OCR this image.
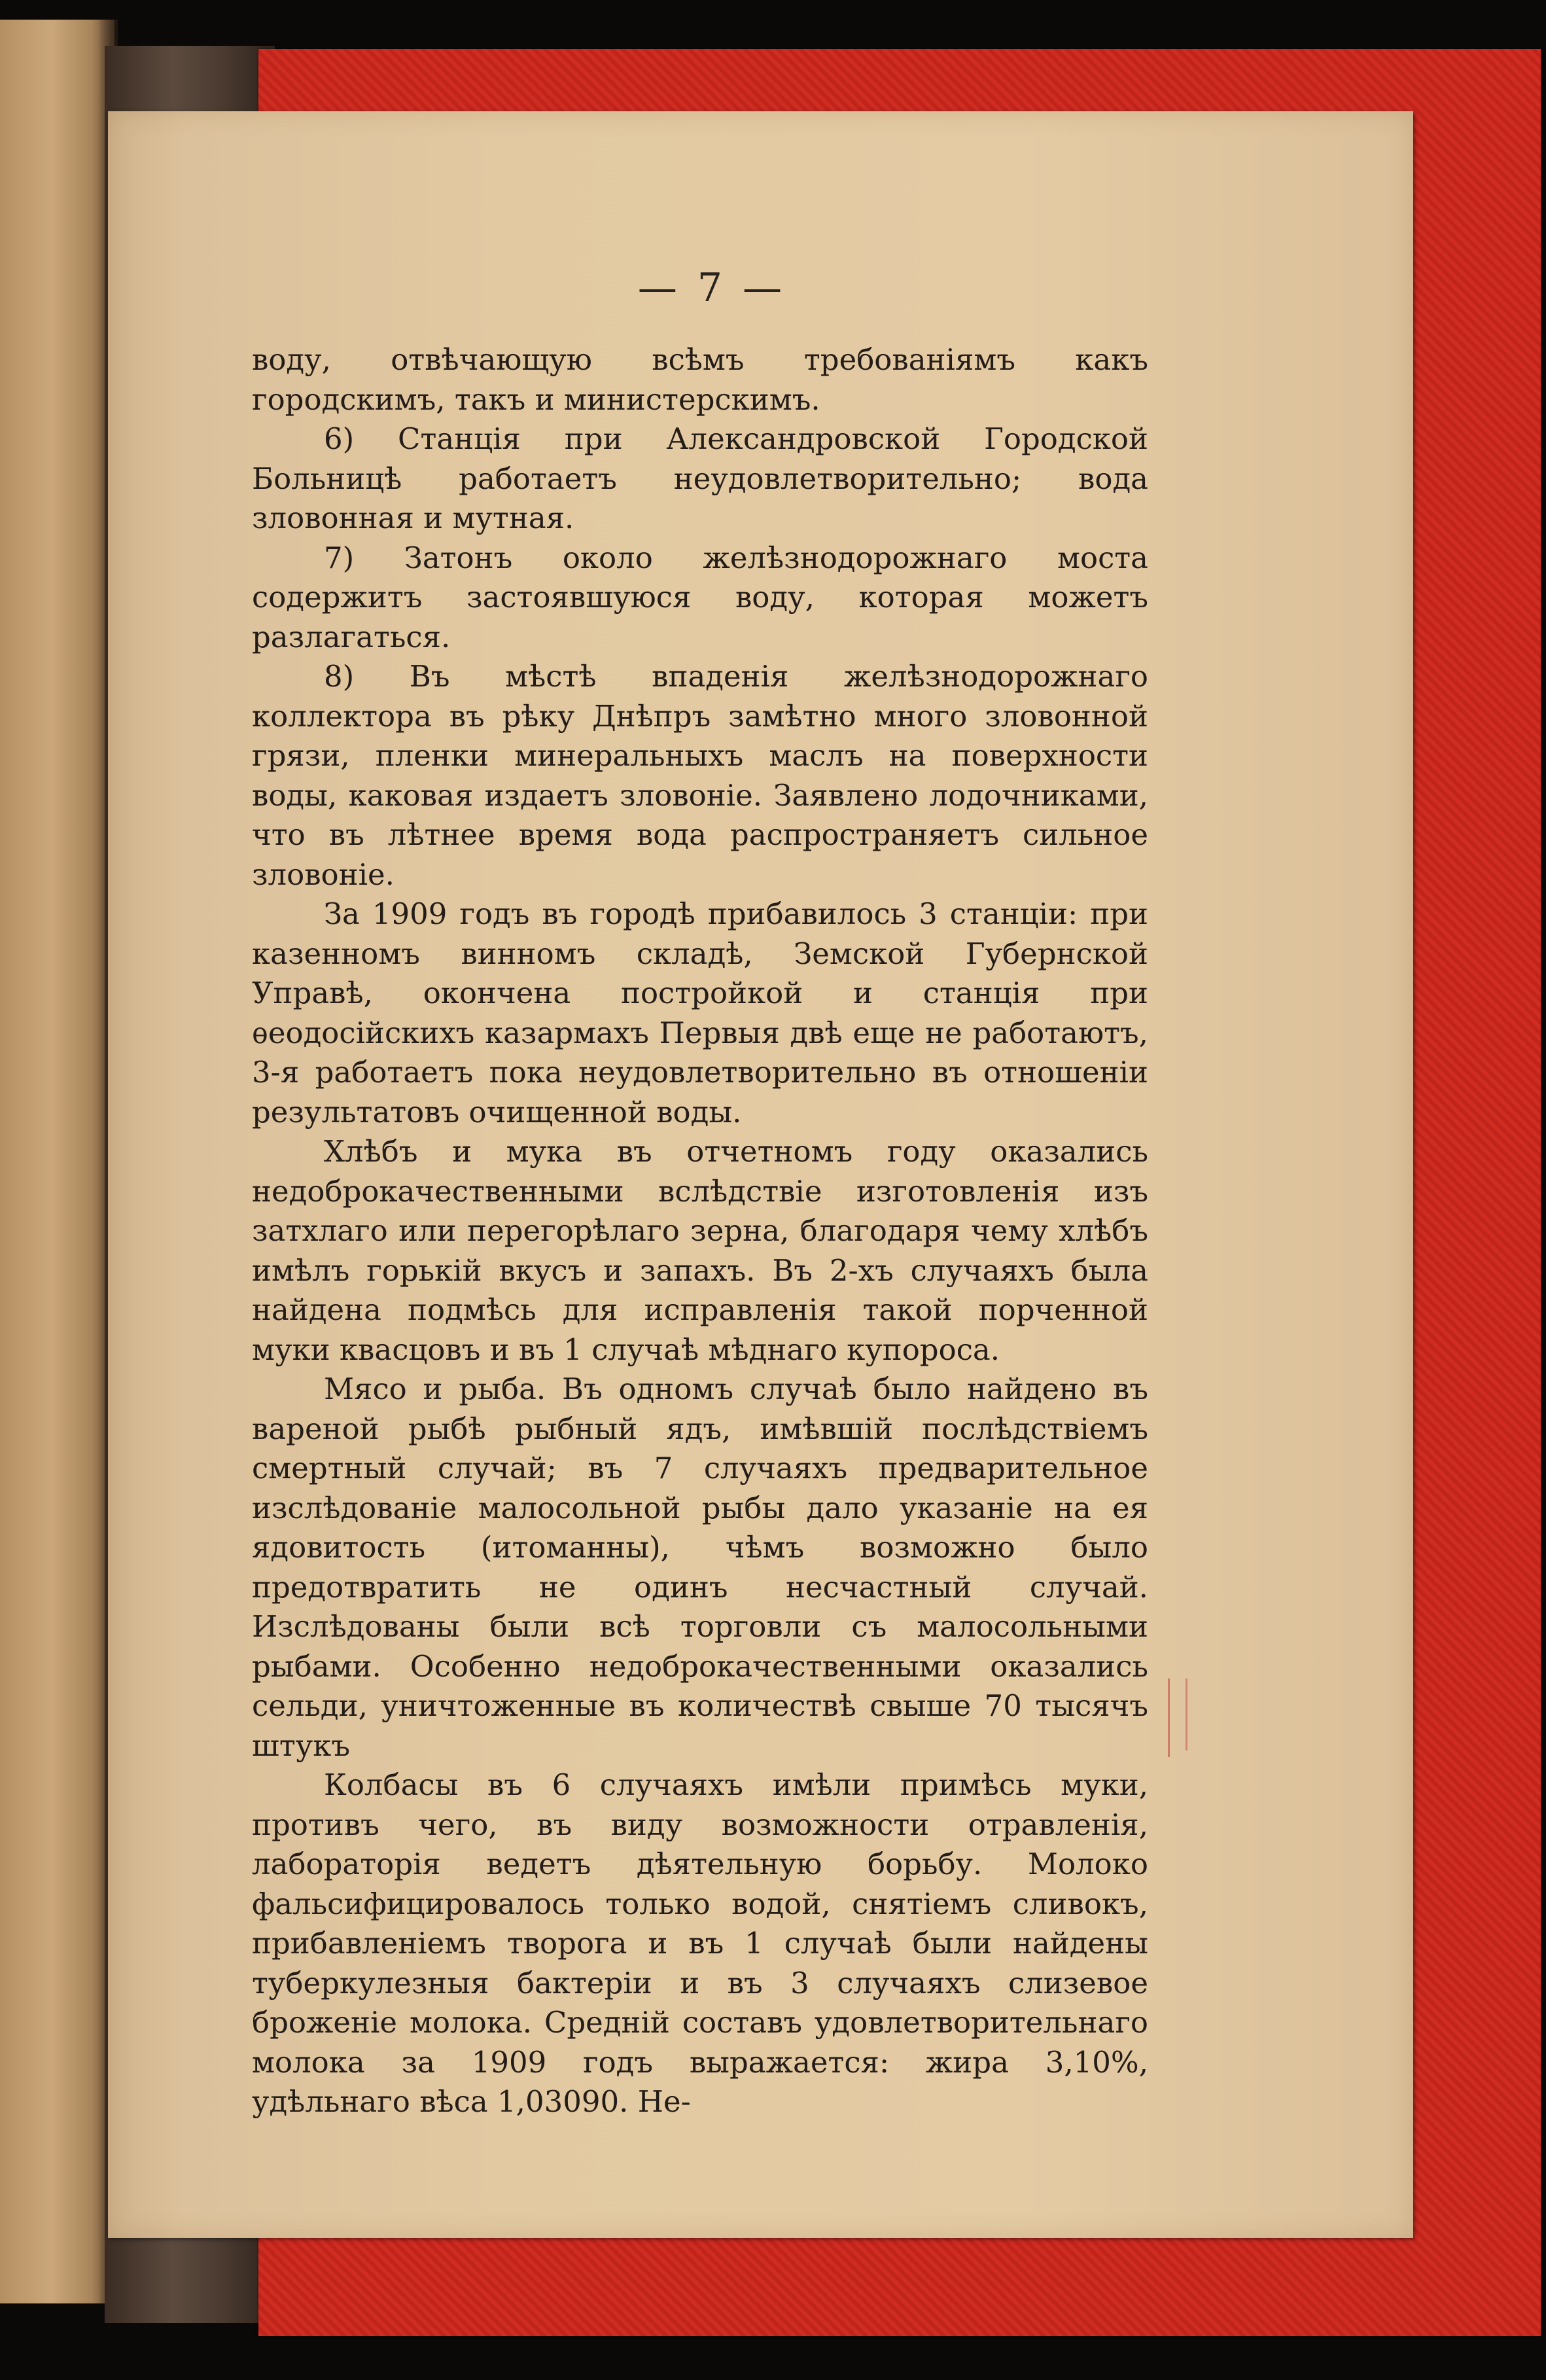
— 7 —

воду, отвѣчающую всѣмъ требованіямъ какъ городскимъ, такъ и министерскимъ.

6) Станція при Александровской Городской Больницѣ работаетъ неудовлетворительно; вода зловонная и мутная.

7) Затонъ около желѣзнодорожнаго моста содержитъ застоявшуюся воду, которая можетъ разлагаться.

8) Въ мѣстѣ впаденія желѣзнодорожнаго коллектора въ рѣку Днѣпръ замѣтно много зловонной грязи, пленки минеральныхъ маслъ на поверхности воды, каковая издаетъ зловоніе. Заявлено лодочниками, что въ лѣтнее время вода распространяетъ сильное зловоніе.

За 1909 годъ въ городѣ прибавилось 3 станціи: при казенномъ винномъ складѣ, Земской Губернской Управѣ, окончена постройкой и станція при ѳеодосійскихъ казармахъ Первыя двѣ еще не работаютъ, 3-я работаетъ пока неудовлетворительно въ отношеніи результатовъ очищенной воды.

Хлѣбъ и мука въ отчетномъ году оказались недоброкачественными вслѣдствіе изготовленія изъ затхлаго или перегорѣлаго зерна, благодаря чему хлѣбъ имѣлъ горькій вкусъ и запахъ. Въ 2-хъ случаяхъ была найдена подмѣсь для исправленія такой порченной муки квасцовъ и въ 1 случаѣ мѣднаго купороса.

Мясо и рыба. Въ одномъ случаѣ было найдено въ вареной рыбѣ рыбный ядъ, имѣвшій послѣдствіемъ смертный случай; въ 7 случаяхъ предварительное изслѣдованіе малосольной рыбы дало указаніе на ея ядовитость (итоманны), чѣмъ возможно было предотвратить не одинъ несчастный случай. Изслѣдованы были всѣ торговли съ малосольными рыбами. Особенно недоброкачественными оказались сельди, уничтоженные въ количествѣ свыше 70 тысячъ штукъ

Колбасы въ 6 случаяхъ имѣли примѣсь муки, противъ чего, въ виду возможности отравленія, лабораторія ведетъ дѣятельную борьбу. Молоко фальсифицировалось только водой, снятіемъ сливокъ, прибавленіемъ творога и въ 1 случаѣ были найдены туберкулезныя бактеріи и въ 3 случаяхъ слизевое броженіе молока. Средній составъ удовлетворительнаго молока за 1909 годъ выражается: жира 3,10%, удѣльнаго вѣса 1,03090. Не-
